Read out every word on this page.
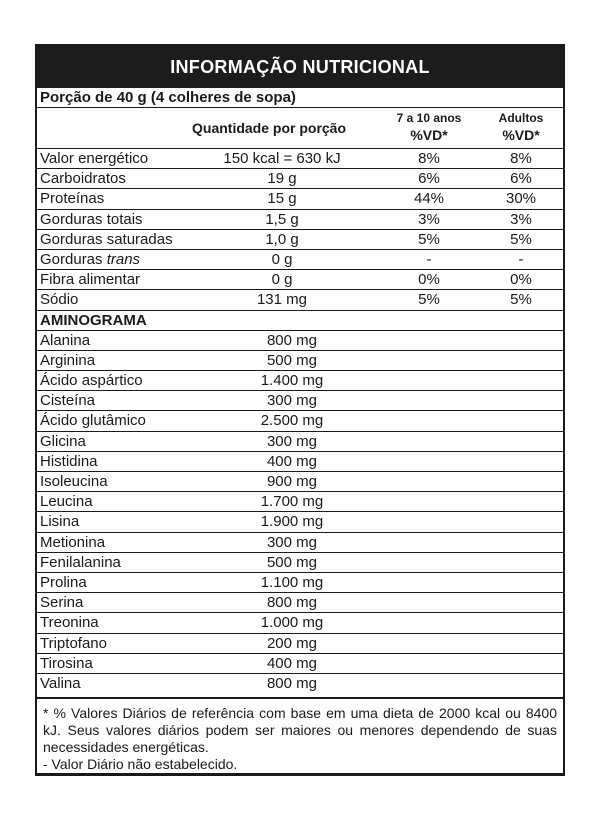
INFORMAÇÃO NUTRICIONAL
Porção de 40 g (4 colheres de sopa)
Quantidade por porção
7 a 10 anos	Adultos
%VD*	%VD*
Valor energético	150 kcal = 630 kJ	8%	8%
Carboidratos	19 g	6%	6%
Proteínas	15 g	44%	30%
Gorduras totais	1,5 g	3%	3%
Gorduras saturadas	1,0 g	5%	5%
Gorduras trans	0 g	-	-
Fibra alimentar	0 g	0%	0%
Sódio	131 mg	5%	5%
AMINOGRAMA
Alanina	800 mg
Arginina	500 mg
Ácido aspártico	1.400 mg
Cisteína	300 mg
Ácido glutâmico	2.500 mg
Glicina	300 mg
Histidina	400 mg
Isoleucina	900 mg
Leucina	1.700 mg
Lisina	1.900 mg
Metionina	300 mg
Fenilalanina	500 mg
Prolina	1.100 mg
Serina	800 mg
Treonina	1.000 mg
Triptofano	200 mg
Tirosina	400 mg
Valina	800 mg

* % Valores Diários de referência com base em uma dieta de 2000 kcal ou 8400 kJ. Seus valores diários podem ser maiores ou menores dependendo de suas necessidades energéticas.

- Valor Diário não estabelecido.
